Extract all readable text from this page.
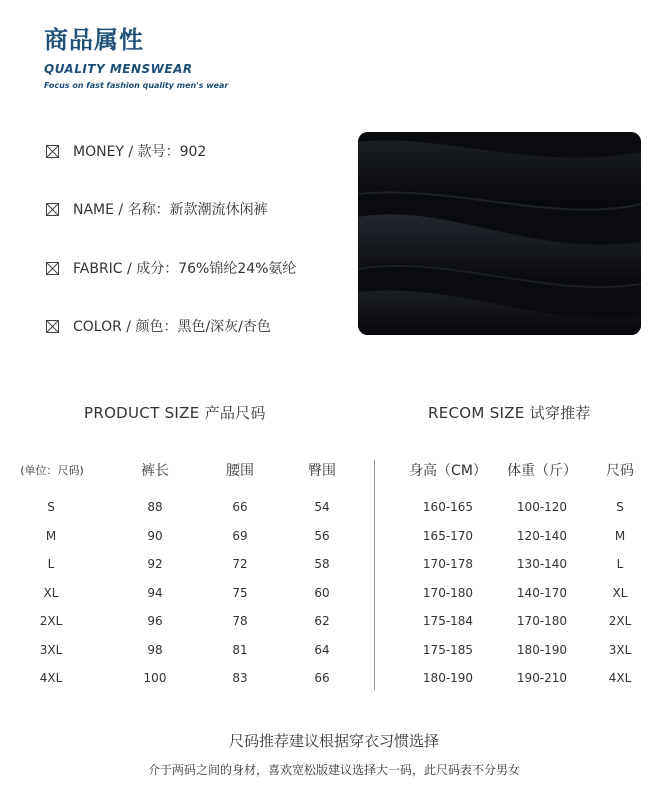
商品属性
QUALITY MENSWEAR
Focus on fast fashion quality men's wear
MONEY / 款号：902
NAME / 名称：新款潮流休闲裤
FABRIC / 成分：76%锦纶24%氨纶
COLOR / 颜色：黑色/深灰/杏色
PRODUCT SIZE 产品尺码	RECOM SIZE 试穿推荐
(单位：尺码)	裤长	腰围	臀围
S	88	66	54
M	90	69	56
L	92	72	58
XL	94	75	60
2XL	96	78	62
3XL	98	81	64
4XL	100	83	66
身高（CM）	体重（斤）	尺码
160-165	100-120	S
165-170	120-140	M
170-178	130-140	L
170-180	140-170	XL
175-184	170-180	2XL
175-185	180-190	3XL
180-190	190-210	4XL
尺码推荐建议根据穿衣习惯选择
介于两码之间的身材，喜欢宽松版建议选择大一码，此尺码表不分男女
